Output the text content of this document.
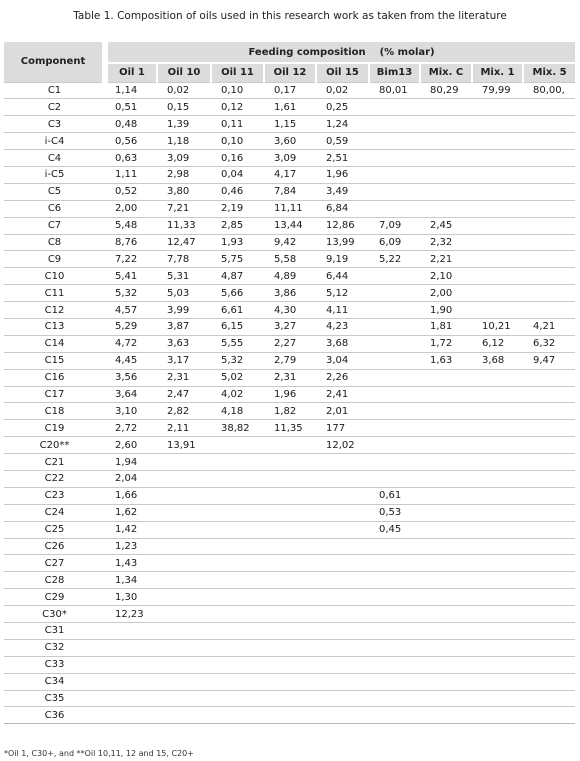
Table 1. Composition of oils used in this research work as taken from the literature
Component	Feeding composition    (% molar)								
	Oil 1	Oil 10	Oil 11	Oil 12	Oil 15	Bim13	Mix. C	Mix. 1	Mix. 5
C1	1,14	0,02	0,10	0,17	0,02	80,01	80,29	79,99	80,00,
C2	0,51	0,15	0,12	1,61	0,25				
C3	0,48	1,39	0,11	1,15	1,24				
i-C4	0,56	1,18	0,10	3,60	0,59				
C4	0,63	3,09	0,16	3,09	2,51				
i-C5	1,11	2,98	0,04	4,17	1,96				
C5	0,52	3,80	0,46	7,84	3,49				
C6	2,00	7,21	2,19	11,11	6,84				
C7	5,48	11,33	2,85	13,44	12,86	7,09	2,45		
C8	8,76	12,47	1,93	9,42	13,99	6,09	2,32		
C9	7,22	7,78	5,75	5,58	9,19	5,22	2,21		
C10	5,41	5,31	4,87	4,89	6,44		2,10		
C11	5,32	5,03	5,66	3,86	5,12		2,00		
C12	4,57	3,99	6,61	4,30	4,11		1,90		
C13	5,29	3,87	6,15	3,27	4,23		1,81	10,21	4,21
C14	4,72	3,63	5,55	2,27	3,68		1,72	6,12	6,32
C15	4,45	3,17	5,32	2,79	3,04		1,63	3,68	9,47
C16	3,56	2,31	5,02	2,31	2,26				
C17	3,64	2,47	4,02	1,96	2,41				
C18	3,10	2,82	4,18	1,82	2,01				
C19	2,72	2,11	38,82	11,35	177				
C20**	2,60	13,91			12,02				
C21	1,94								
C22	2,04								
C23	1,66					0,61			
C24	1,62					0,53			
C25	1,42					0,45			
C26	1,23								
C27	1,43								
C28	1,34								
C29	1,30								
C30*	12,23								
C31									
C32									
C33									
C34									
C35									
C36									
*Oil 1, C30+, and **Oil 10,11, 12 and 15, C20+
